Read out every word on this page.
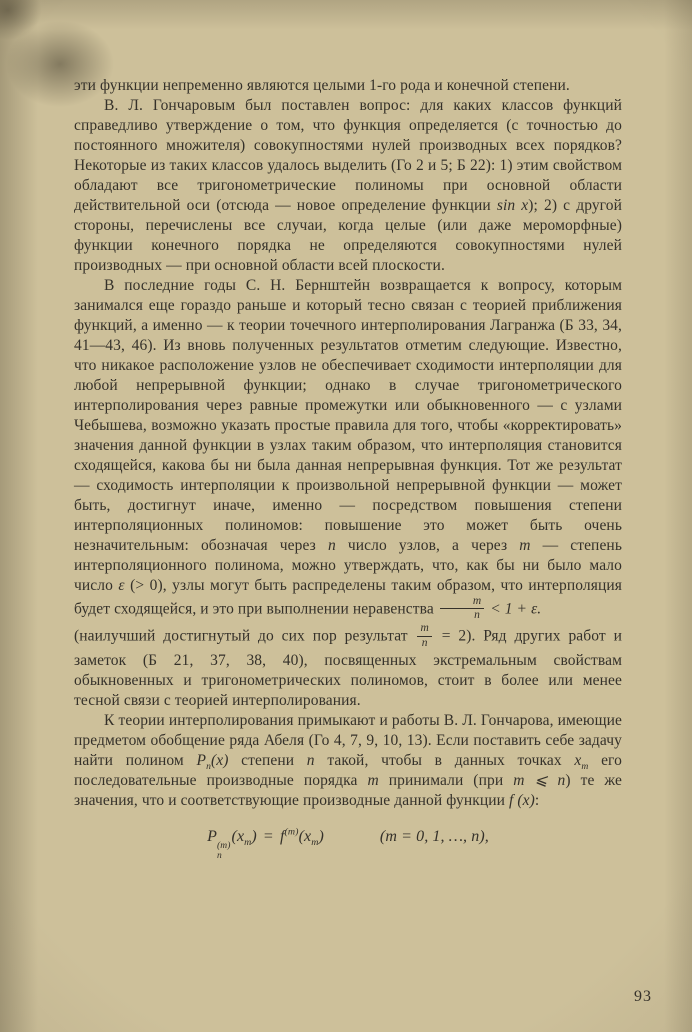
эти функции непременно являются целыми 1-го рода и конечной степени.

В. Л. Гончаровым был поставлен вопрос: для каких классов функций справедливо утверждение о том, что функция определяется (с точностью до постоянного множителя) совокупностями нулей производных всех порядков? Некоторые из таких классов удалось выделить (Го 2 и 5; Б 22): 1) этим свойством обладают все тригонометрические полиномы при основной области действительной оси (отсюда — новое определение функции sin x); 2) с другой стороны, перечислены все случаи, когда целые (или даже мероморфные) функции конечного порядка не определяются совокупностями нулей производных — при основной области всей плоскости.

В последние годы С. Н. Бернштейн возвращается к вопросу, которым занимался еще гораздо раньше и который тесно связан с теорией приближения функций, а именно — к теории точечного интерполирования Лагранжа (Б 33, 34, 41—43, 46). Из вновь полученных результатов отметим следующие. Известно, что никакое расположение узлов не обеспечивает сходимости интерполяции для любой непрерывной функции; однако в случае тригонометрического интерполирования через равные промежутки или обыкновенного — с узлами Чебышева, возможно указать простые правила для того, чтобы «корректировать» значения данной функции в узлах таким образом, что интерполяция становится сходящейся, какова бы ни была данная непрерывная функция. Тот же результат — сходимость интерполяции к произвольной непрерывной функции — может быть, достигнут иначе, именно — посредством повышения степени интерполяционных полиномов: повышение это может быть очень незначительным: обозначая через n число узлов, а через m — степень интерполяционного полинома, можно утверждать, что, как бы ни было мало число ε (> 0), узлы могут быть распределены таким образом, что интерполяция будет сходящейся, и это при выполнении неравенства $\frac{m}{n} < 1 + \varepsilon$.

(наилучший достигнутый до сих пор результат $\frac{m}{n} = 2$). Ряд других работ и заметок (Б 21, 37, 38, 40), посвященных экстремальным свойствам обыкновенных и тригонометрических полиномов, стоит в более или менее тесной связи с теорией интерполирования.

К теории интерполирования примыкают и работы В. Л. Гончарова, имеющие предметом обобщение ряда Абеля (Го 4, 7, 9, 10, 13). Если поставить себе задачу найти полином $P_n(x)$ степени n такой, чтобы в данных точках $x_m$ его последовательные производные порядка m принимали (при m ⩽ n) те же значения, что и соответствующие производные данной функции f (x):

P
(m)
n
$(x_m) = f^{(m)}(x_m)$	(m = 0, 1, …, n),
93
